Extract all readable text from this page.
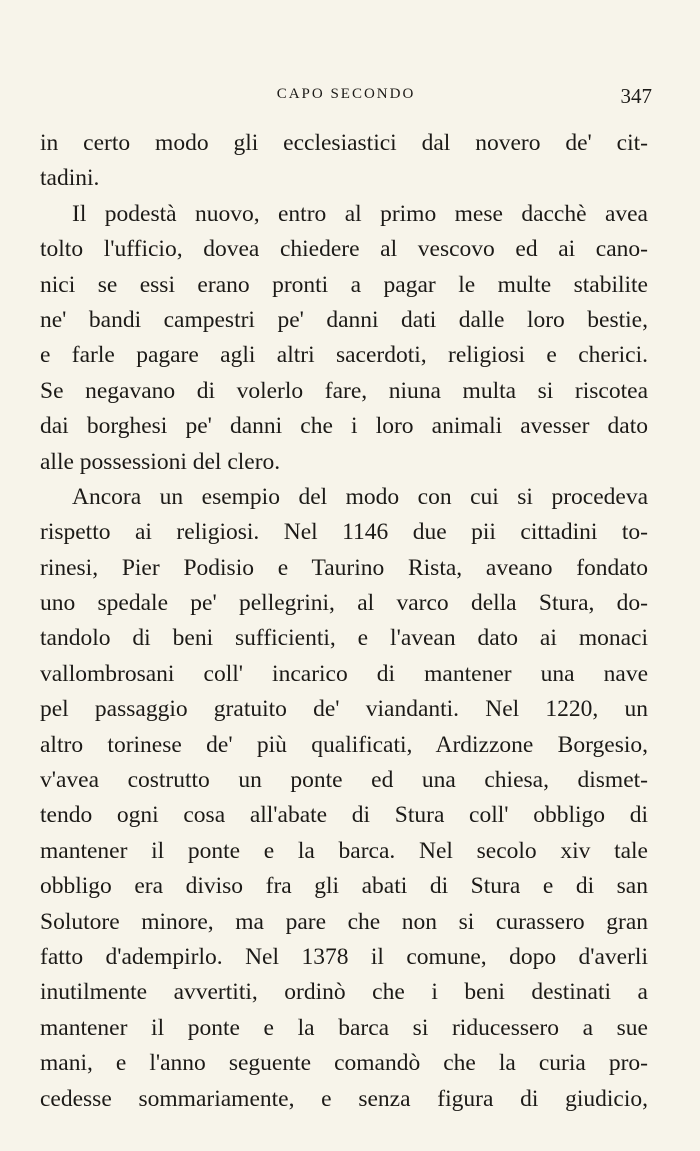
CAPO SECONDO	347
in certo modo gli ecclesiastici dal novero de' cit-
tadini.
Il podestà nuovo, entro al primo mese dacchè avea
tolto l'ufficio, dovea chiedere al vescovo ed ai cano-
nici se essi erano pronti a pagar le multe stabilite
ne' bandi campestri pe' danni dati dalle loro bestie,
e farle pagare agli altri sacerdoti, religiosi e cherici.
Se negavano di volerlo fare, niuna multa si riscotea
dai borghesi pe' danni che i loro animali avesser dato
alle possessioni del clero.
Ancora un esempio del modo con cui si procedeva
rispetto ai religiosi. Nel 1146 due pii cittadini to-
rinesi, Pier Podisio e Taurino Rista, aveano fondato
uno spedale pe' pellegrini, al varco della Stura, do-
tandolo di beni sufficienti, e l'avean dato ai monaci
vallombrosani coll' incarico di mantener una nave
pel passaggio gratuito de' viandanti. Nel 1220, un
altro torinese de' più qualificati, Ardizzone Borgesio,
v'avea costrutto un ponte ed una chiesa, dismet-
tendo ogni cosa all'abate di Stura coll' obbligo di
mantener il ponte e la barca. Nel secolo xiv tale
obbligo era diviso fra gli abati di Stura e di san
Solutore minore, ma pare che non si curassero gran
fatto d'adempirlo. Nel 1378 il comune, dopo d'averli
inutilmente avvertiti, ordinò che i beni destinati a
mantener il ponte e la barca si riducessero a sue
mani, e l'anno seguente comandò che la curia pro-
cedesse sommariamente, e senza figura di giudicio,
